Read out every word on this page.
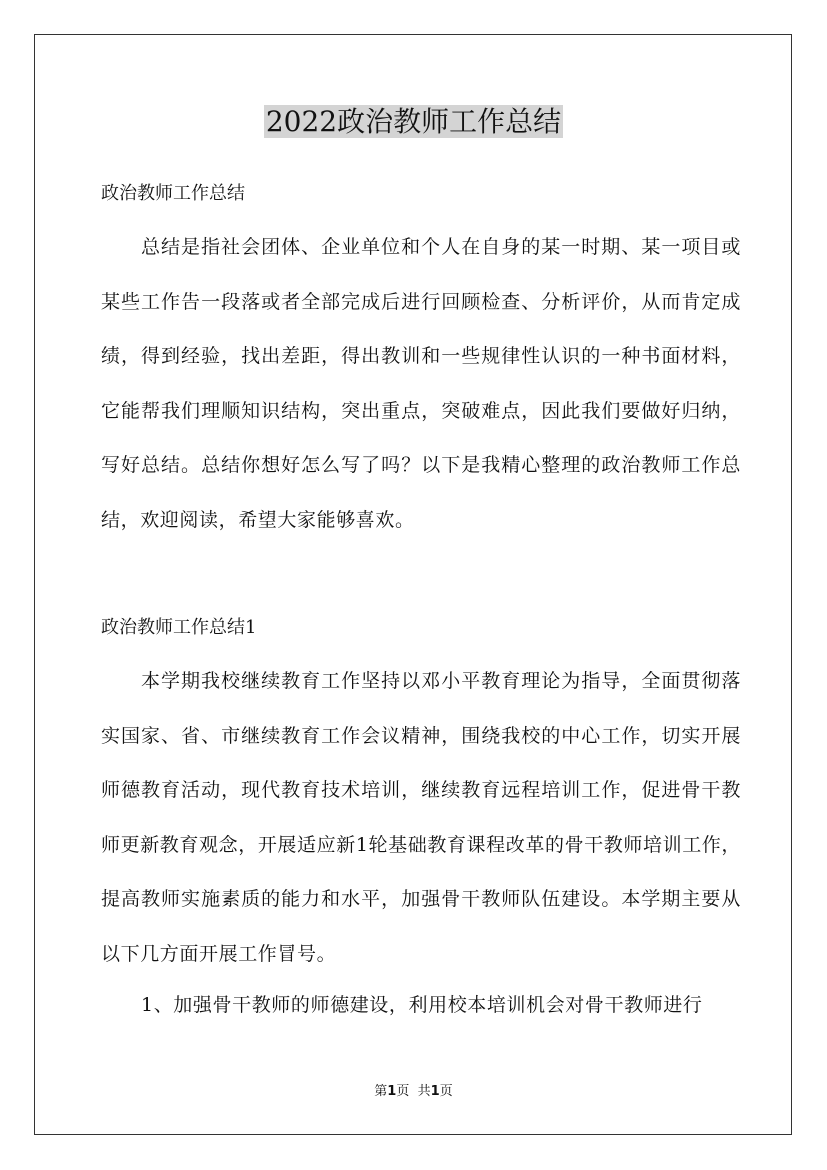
2022政治教师工作总结
政治教师工作总结

总结是指社会团体、企业单位和个人在自身的某一时期、某一项目或某些工作告一段落或者全部完成后进行回顾检查、分析评价，从而肯定成绩，得到经验，找出差距，得出教训和一些规律性认识的一种书面材料，它能帮我们理顺知识结构，突出重点，突破难点，因此我们要做好归纳，写好总结。总结你想好怎么写了吗？以下是我精心整理的政治教师工作总结，欢迎阅读，希望大家能够喜欢。

政治教师工作总结1

本学期我校继续教育工作坚持以邓小平教育理论为指导，全面贯彻落实国家、省、市继续教育工作会议精神，围绕我校的中心工作，切实开展师德教育活动，现代教育技术培训，继续教育远程培训工作，促进骨干教师更新教育观念，开展适应新1轮基础教育课程改革的骨干教师培训工作，提高教师实施素质的能力和水平，加强骨干教师队伍建设。本学期主要从以下几方面开展工作冒号。

1、加强骨干教师的师德建设，利用校本培训机会对骨干教师进行

第1页 共1页
